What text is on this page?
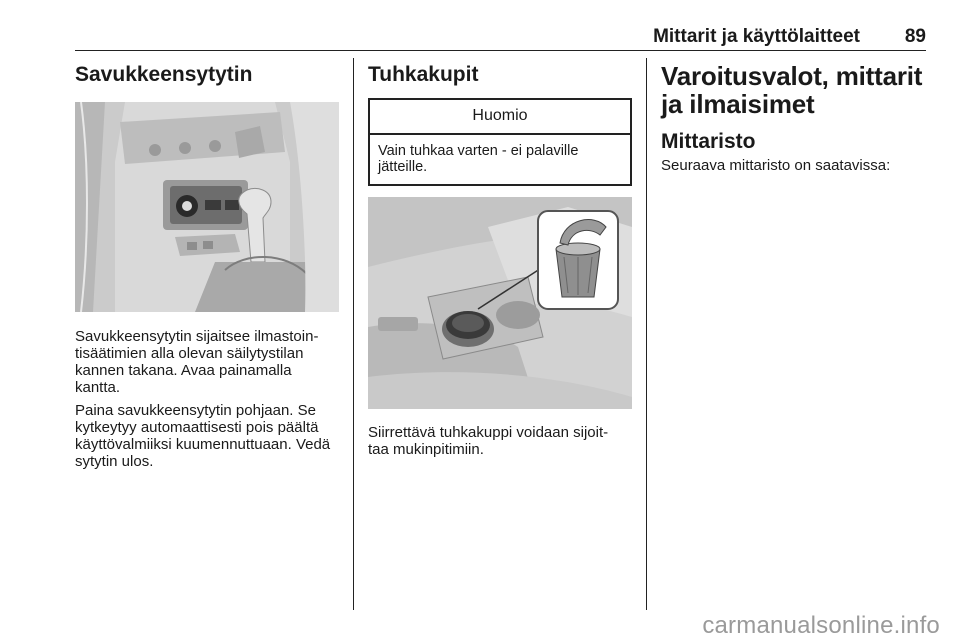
Mittarit ja käyttölaitteet	89
Savukkeensytytin

Savukkeensytytin sijaitsee ilmastoin- tisäätimien alla olevan säilytystilan kannen takana. Avaa painamalla kantta.

Paina savukkeensytytin pohjaan. Se kytkeytyy automaattisesti pois päältä käyttövalmiiksi kuumennuttuaan. Vedä sytytin ulos.

Tuhkakupit
Huomio
Vain tuhkaa varten - ei palaville jätteille.

Siirrettävä tuhkakuppi voidaan sijoit- taa mukinpitimiin.

Varoitusvalot, mittarit ja ilmaisimet
Mittaristo

Seuraava mittaristo on saatavissa:

carmanualsonline.info
